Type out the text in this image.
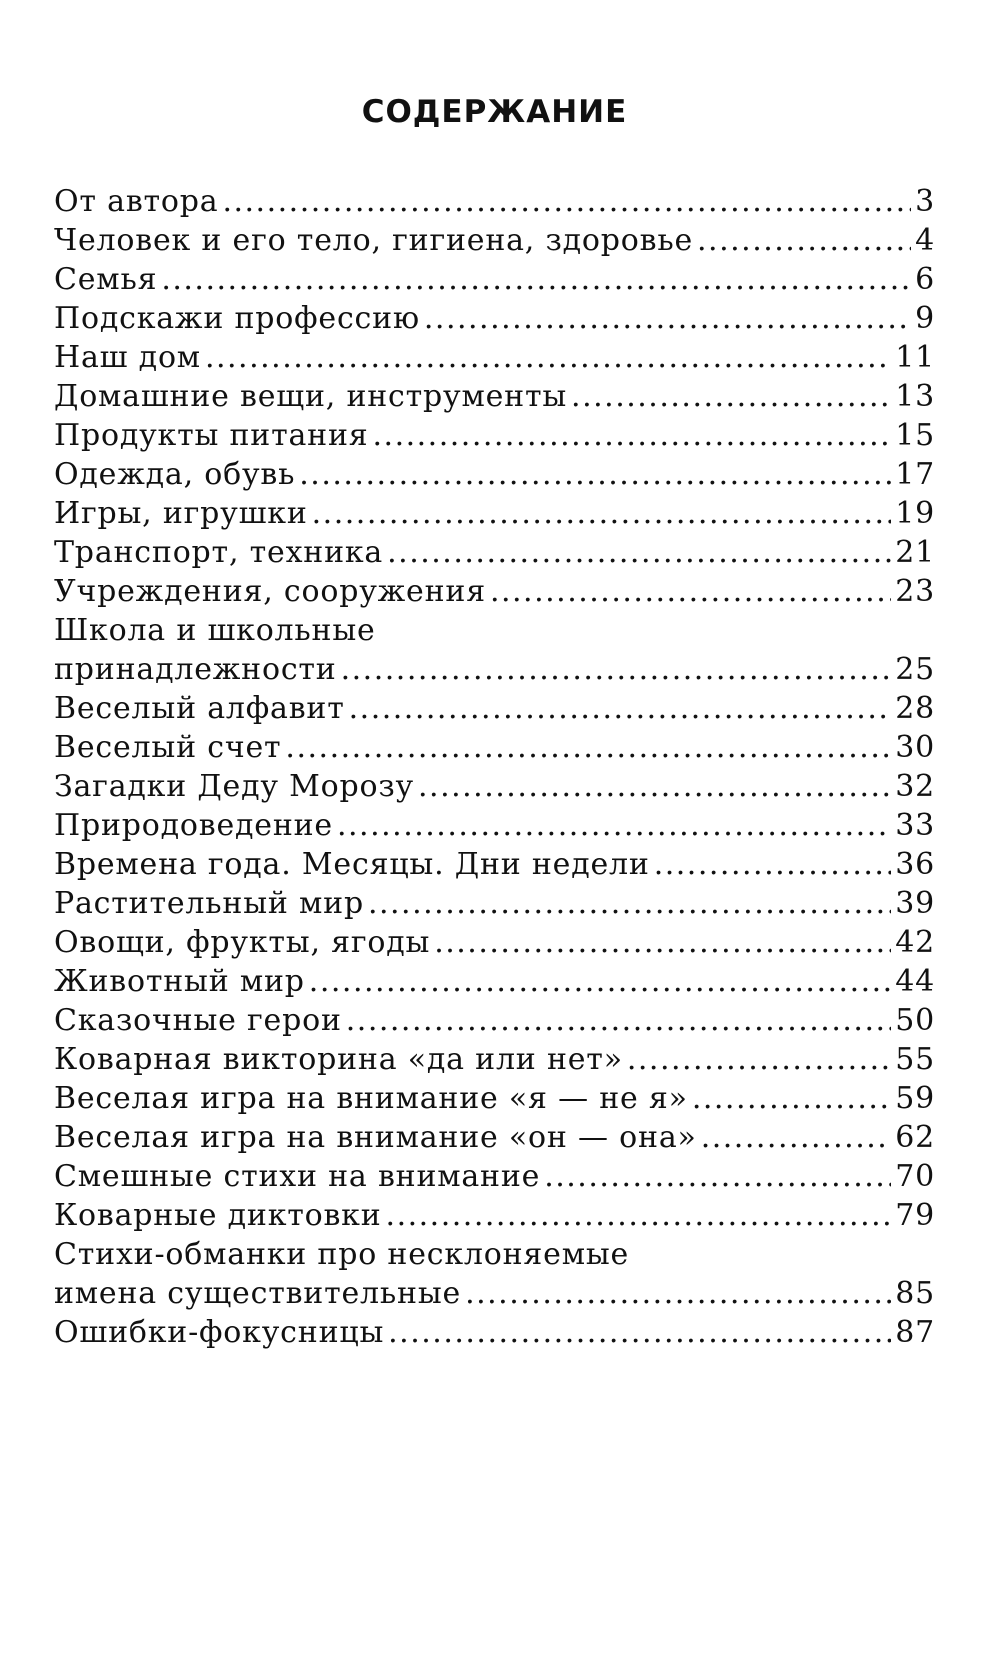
СОДЕРЖАНИЕ
От автора .....	3
Человек и его тело, гигиена, здоровье .....	4
Семья .....	6
Подскажи профессию .....	9
Наш дом .....	11
Домашние вещи, инструменты .....	13
Продукты питания .....	15
Одежда, обувь .....	17
Игры, игрушки .....	19
Транспорт, техника .....	21
Учреждения, сооружения .....	23
Школа и школьные
принадлежности .....	25
Веселый алфавит .....	28
Веселый счет .....	30
Загадки Деду Морозу .....	32
Природоведение .....	33
Времена года. Месяцы. Дни недели .....	36
Растительный мир .....	39
Овощи, фрукты, ягоды .....	42
Животный мир .....	44
Сказочные герои .....	50
Коварная викторина «да или нет» .....	55
Веселая игра на внимание «я — не я» .....	59
Веселая игра на внимание «он — она» .....	62
Смешные стихи на внимание .....	70
Коварные диктовки .....	79
Стихи-обманки про несклоняемые
имена существительные .....	85
Ошибки-фокусницы .....	87
